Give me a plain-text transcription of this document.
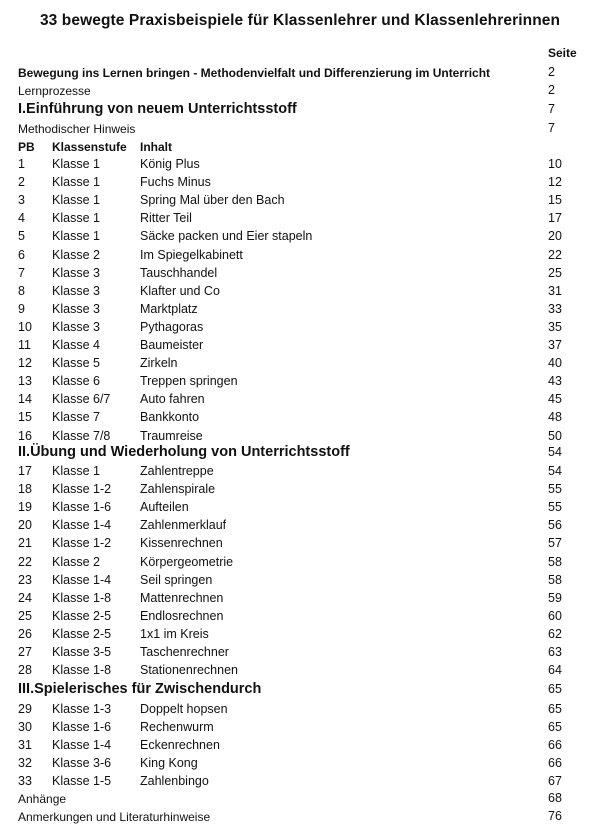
33 bewegte Praxisbeispiele für Klassenlehrer und Klassenlehrerinnen
Seite
Bewegung ins Lernen bringen - Methodenvielfalt und Differenzierung im Unterricht	2
Lernprozesse	2
I.Einführung von neuem Unterrichtsstoff	7
Methodischer Hinweis	7
PB Klassenstufe Inhalt
1 Klasse 1	König Plus	10
2 Klasse 1	Fuchs Minus	12
3 Klasse 1	Spring Mal über den Bach	15
4 Klasse 1	Ritter Teil	17
5 Klasse 1	Säcke packen und Eier stapeln	20
6 Klasse 2	Im Spiegelkabinett	22
7 Klasse 3	Tauschhandel	25
8 Klasse 3	Klafter und Co	31
9 Klasse 3	Marktplatz	33
10 Klasse 3	Pythagoras	35
11 Klasse 4	Baumeister	37
12 Klasse 5	Zirkeln	40
13 Klasse 6	Treppen springen	43
14 Klasse 6/7 Auto fahren	45
15 Klasse 7	Bankkonto	48
16 Klasse 7/8 Traumreise	50
II.Übung und Wiederholung von Unterrichtsstoff	54
17 Klasse 1	Zahlentreppe	54
18 Klasse 1-2 Zahlenspirale	55
19 Klasse 1-6 Aufteilen	55
20 Klasse 1-4 Zahlenmerklauf	56
21 Klasse 1-2 Kissenrechnen	57
22 Klasse 2	Körpergeometrie	58
23 Klasse 1-4 Seil springen	58
24 Klasse 1-8 Mattenrechnen	59
25 Klasse 2-5 Endlosrechnen	60
26 Klasse 2-5 1x1 im Kreis	62
27 Klasse 3-5 Taschenrechner	63
28 Klasse 1-8 Stationenrechnen	64
III.Spielerisches für Zwischendurch	65
29 Klasse 1-3 Doppelt hopsen	65
30 Klasse 1-6 Rechenwurm	65
31 Klasse 1-4 Eckenrechnen	66
32 Klasse 3-6 King Kong	66
33 Klasse 1-5 Zahlenbingo	67
Anhänge	68
Anmerkungen und Literaturhinweise	76
